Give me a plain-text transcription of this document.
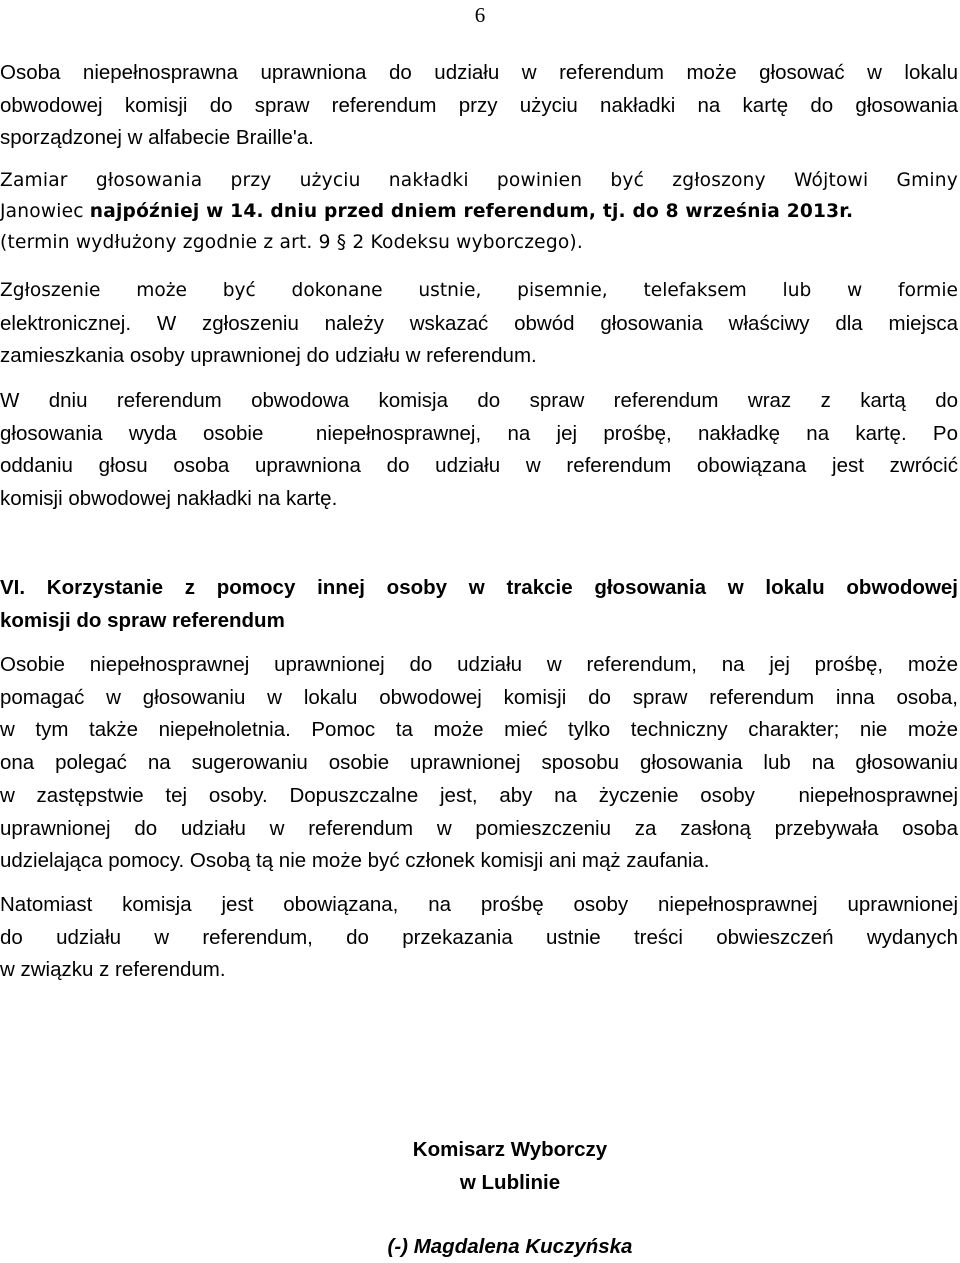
6

Osoba niepełnosprawna uprawniona do udziału w referendum może głosować w lokalu
obwodowej komisji do spraw referendum przy użyciu nakładki na kartę do głosowania
sporządzonej w alfabecie Braille'a.

Zamiar głosowania przy użyciu nakładki powinien być zgłoszony Wójtowi Gminy
Janowiec najpóźniej w 14. dniu przed dniem referendum, tj. do 8 września 2013r.
(termin wydłużony zgodnie z art. 9 § 2 Kodeksu wyborczego).

Zgłoszenie może być dokonane ustnie, pisemnie, telefaksem lub w formie
elektronicznej. W zgłoszeniu należy wskazać obwód głosowania właściwy dla miejsca
zamieszkania osoby uprawnionej do udziału w referendum.

W dniu referendum obwodowa komisja do spraw referendum wraz z kartą do
głosowania wyda osobie  niepełnosprawnej, na jej prośbę, nakładkę na kartę. Po
oddaniu głosu osoba uprawniona do udziału w referendum obowiązana jest zwrócić
komisji obwodowej nakładki na kartę.

VI. Korzystanie z pomocy innej osoby w trakcie głosowania w lokalu obwodowej
komisji do spraw referendum

Osobie niepełnosprawnej uprawnionej do udziału w referendum, na jej prośbę, może
pomagać w głosowaniu w lokalu obwodowej komisji do spraw referendum inna osoba,
w tym także niepełnoletnia. Pomoc ta może mieć tylko techniczny charakter; nie może
ona polegać na sugerowaniu osobie uprawnionej sposobu głosowania lub na głosowaniu
w zastępstwie tej osoby. Dopuszczalne jest, aby na życzenie osoby  niepełnosprawnej
uprawnionej do udziału w referendum w pomieszczeniu za zasłoną przebywała osoba
udzielająca pomocy. Osobą tą nie może być członek komisji ani mąż zaufania.

Natomiast komisja jest obowiązana, na prośbę osoby niepełnosprawnej uprawnionej
do udziału w referendum, do przekazania ustnie treści obwieszczeń wydanych
w związku z referendum.

Komisarz Wyborczy
w Lublinie
(-) Magdalena Kuczyńska
